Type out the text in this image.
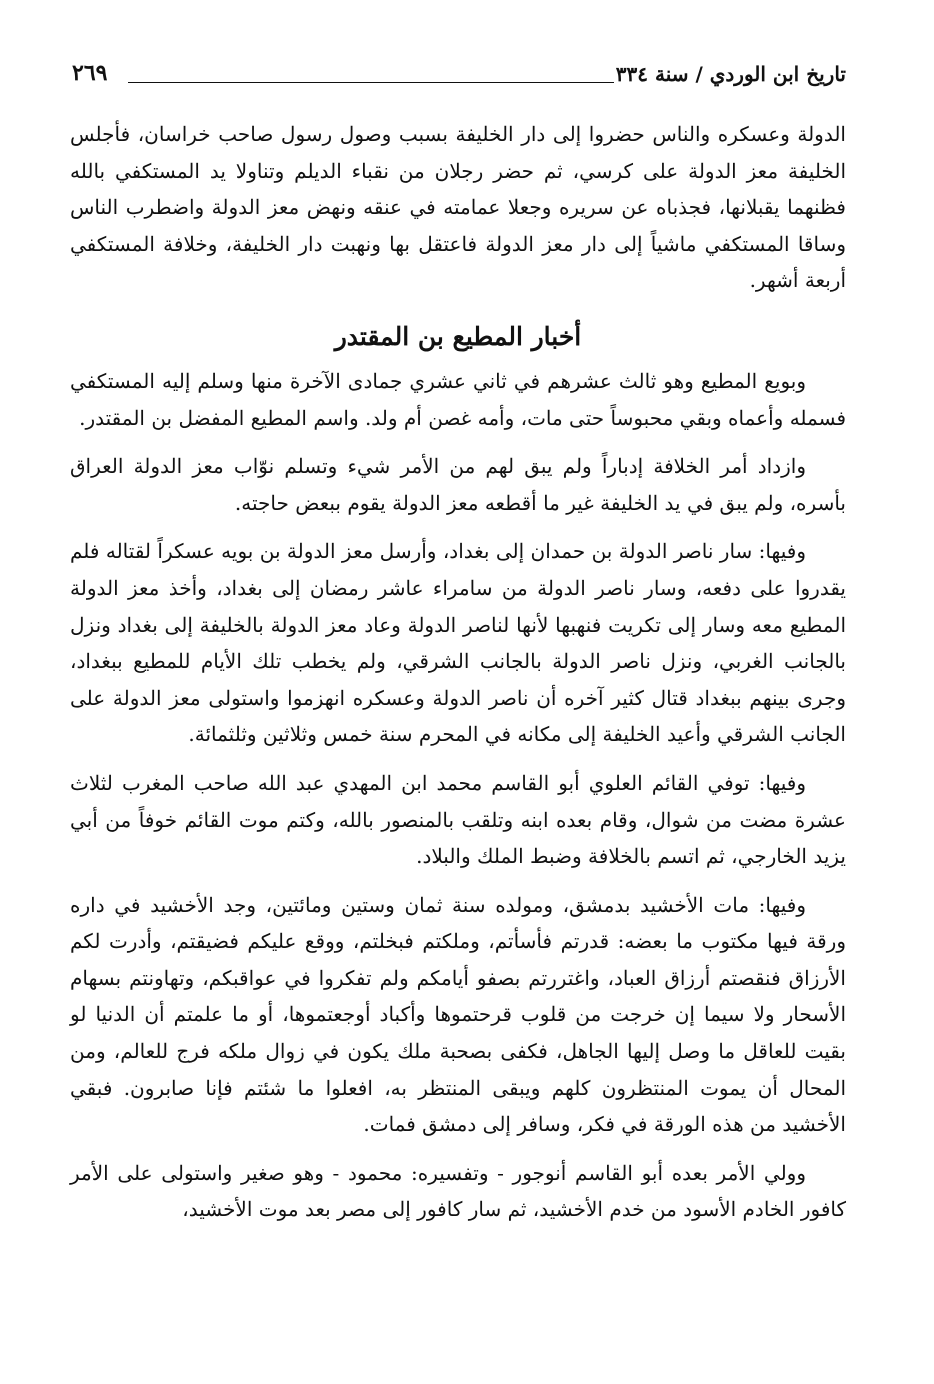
تاريخ ابن الوردي / سنة ٣٣٤
٢٦٩

الدولة وعسكره والناس حضروا إلى دار الخليفة بسبب وصول رسول صاحب خراسان، فأجلس الخليفة معز الدولة على كرسي، ثم حضر رجلان من نقباء الديلم وتناولا يد المستكفي بالله فظنهما يقبلانها، فجذباه عن سريره وجعلا عمامته في عنقه ونهض معز الدولة واضطرب الناس وساقا المستكفي ماشياً إلى دار معز الدولة فاعتقل بها ونهبت دار الخليفة، وخلافة المستكفي أربعة أشهر.

أخبار المطيع بن المقتدر

وبويع المطيع وهو ثالث عشرهم في ثاني عشري جمادى الآخرة منها وسلم إليه المستكفي فسمله وأعماه وبقي محبوساً حتى مات، وأمه غصن أم ولد. واسم المطيع المفضل بن المقتدر.

وازداد أمر الخلافة إدباراً ولم يبق لهم من الأمر شيء وتسلم نوّاب معز الدولة العراق بأسره، ولم يبق في يد الخليفة غير ما أقطعه معز الدولة يقوم ببعض حاجته.

وفيها: سار ناصر الدولة بن حمدان إلى بغداد، وأرسل معز الدولة بن بويه عسكراً لقتاله فلم يقدروا على دفعه، وسار ناصر الدولة من سامراء عاشر رمضان إلى بغداد، وأخذ معز الدولة المطيع معه وسار إلى تكريت فنهبها لأنها لناصر الدولة وعاد معز الدولة بالخليفة إلى بغداد ونزل بالجانب الغربي، ونزل ناصر الدولة بالجانب الشرقي، ولم يخطب تلك الأيام للمطيع ببغداد، وجرى بينهم ببغداد قتال كثير آخره أن ناصر الدولة وعسكره انهزموا واستولى معز الدولة على الجانب الشرقي وأعيد الخليفة إلى مكانه في المحرم سنة خمس وثلاثين وثلثمائة.

وفيها: توفي القائم العلوي أبو القاسم محمد ابن المهدي عبد الله صاحب المغرب لثلاث عشرة مضت من شوال، وقام بعده ابنه وتلقب بالمنصور بالله، وكتم موت القائم خوفاً من أبي يزيد الخارجي، ثم اتسم بالخلافة وضبط الملك والبلاد.

وفيها: مات الأخشيد بدمشق، ومولده سنة ثمان وستين ومائتين، وجد الأخشيد في داره ورقة فيها مكتوب ما بعضه: قدرتم فأسأتم، وملكتم فبخلتم، ووقع عليكم فضيقتم، وأدرت لكم الأرزاق فنقصتم أرزاق العباد، واغتررتم بصفو أيامكم ولم تفكروا في عواقبكم، وتهاونتم بسهام الأسحار ولا سيما إن خرجت من قلوب قرحتموها وأكباد أوجعتموها، أو ما علمتم أن الدنيا لو بقيت للعاقل ما وصل إليها الجاهل، فكفى بصحبة ملك يكون في زوال ملكه فرج للعالم، ومن المحال أن يموت المنتظرون كلهم ويبقى المنتظر به، افعلوا ما شئتم فإنا صابرون. فبقي الأخشيد من هذه الورقة في فكر، وسافر إلى دمشق فمات.

وولي الأمر بعده أبو القاسم أنوجور - وتفسيره: محمود - وهو صغير واستولى على الأمر كافور الخادم الأسود من خدم الأخشيد، ثم سار كافور إلى مصر بعد موت الأخشيد،
